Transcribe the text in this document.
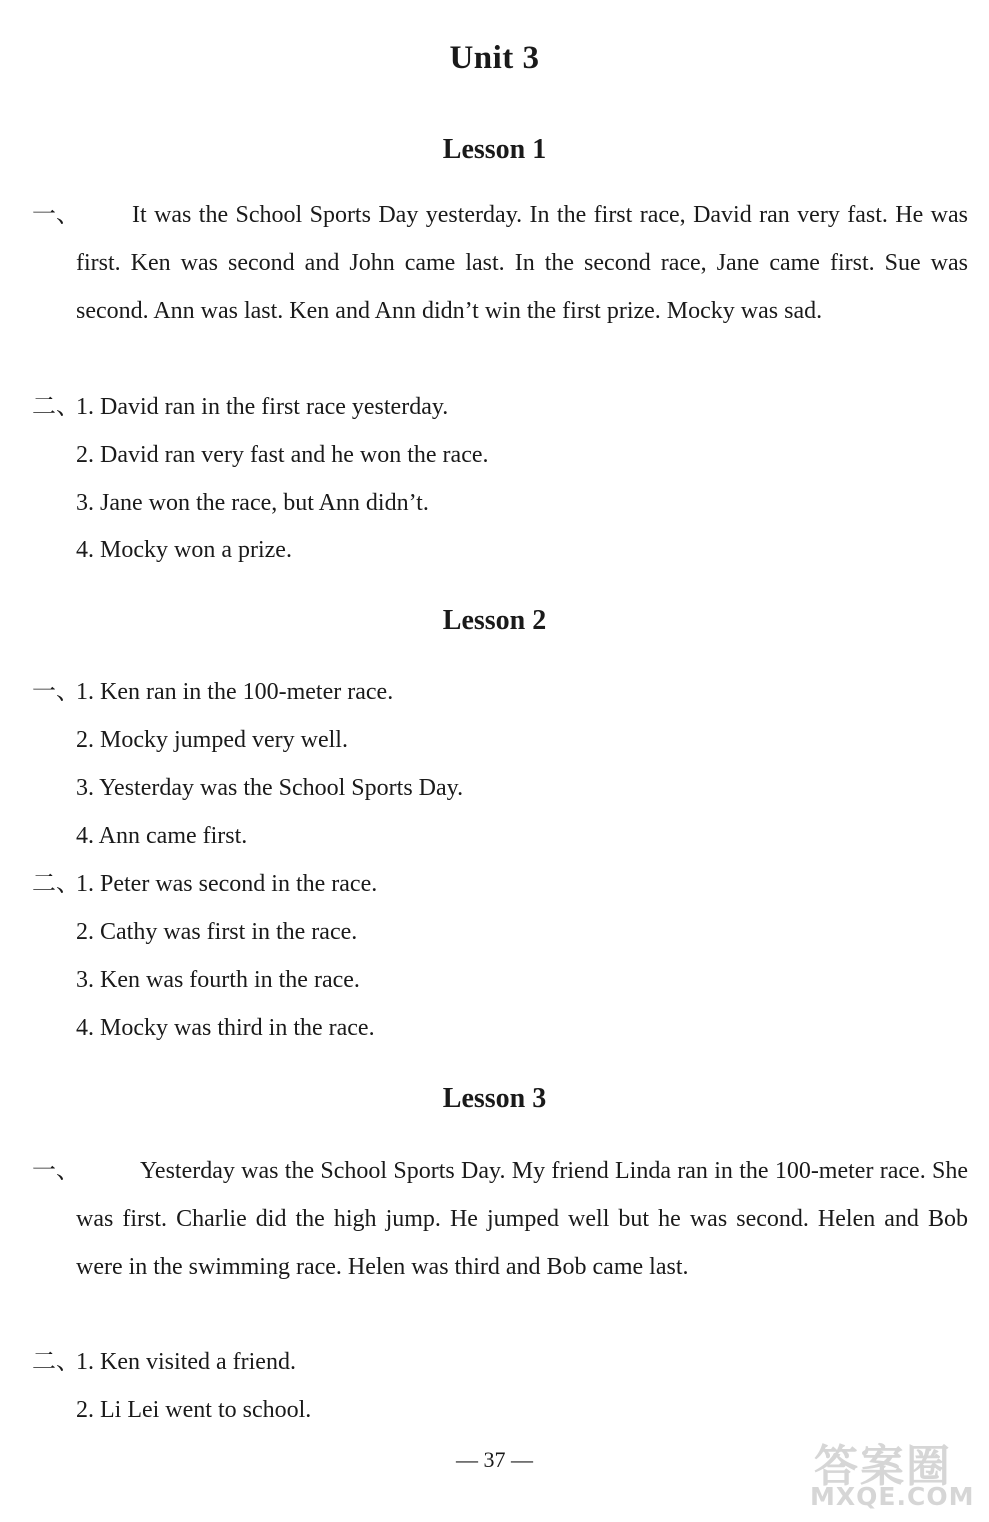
Unit 3
Lesson 1
一、	It was the School Sports Day yesterday. In the first race, David ran very fast. He was first. Ken was second and John came last. In the second race, Jane came first. Sue was second. Ann was last. Ken and Ann didn’t win the first prize. Mocky was sad.
二、
1. David ran in the first race yesterday.
2. David ran very fast and he won the race.
3. Jane won the race, but Ann didn’t.
4. Mocky won a prize.
Lesson 2
一、
1. Ken ran in the 100-meter race.
2. Mocky jumped very well.
3. Yesterday was the School Sports Day.
4. Ann came first.
二、
1. Peter was second in the race.
2. Cathy was first in the race.
3. Ken was fourth in the race.
4. Mocky was third in the race.
Lesson 3
一、	Yesterday was the School Sports Day. My friend Linda ran in the 100-meter race. She was first. Charlie did the high jump. He jumped well but he was second. Helen and Bob were in the swimming race. Helen was third and Bob came last.
二、
1. Ken visited a friend.
2. Li Lei went to school.
— 37 —	答案圈
MXQE.COM
